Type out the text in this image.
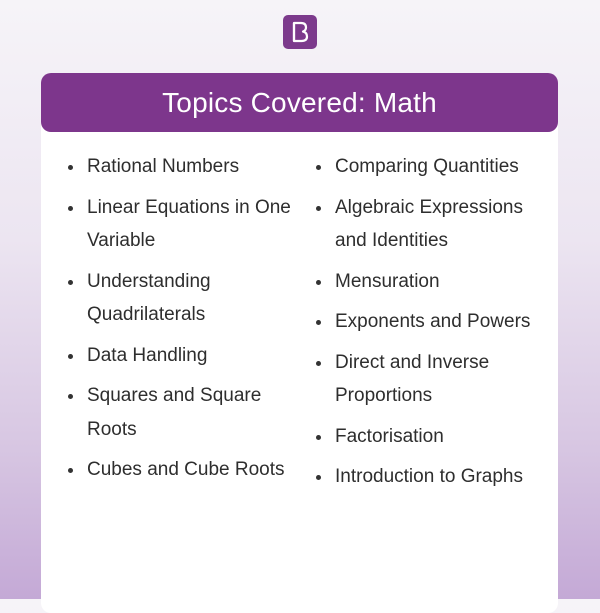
Topics Covered: Math
Rational Numbers
Linear Equations in One Variable
Understanding Quadrilaterals
Data Handling
Squares and Square Roots
Cubes and Cube Roots
Comparing Quantities
Algebraic Expressions and Identities
Mensuration
Exponents and Powers
Direct and Inverse Proportions
Factorisation
Introduction to Graphs
